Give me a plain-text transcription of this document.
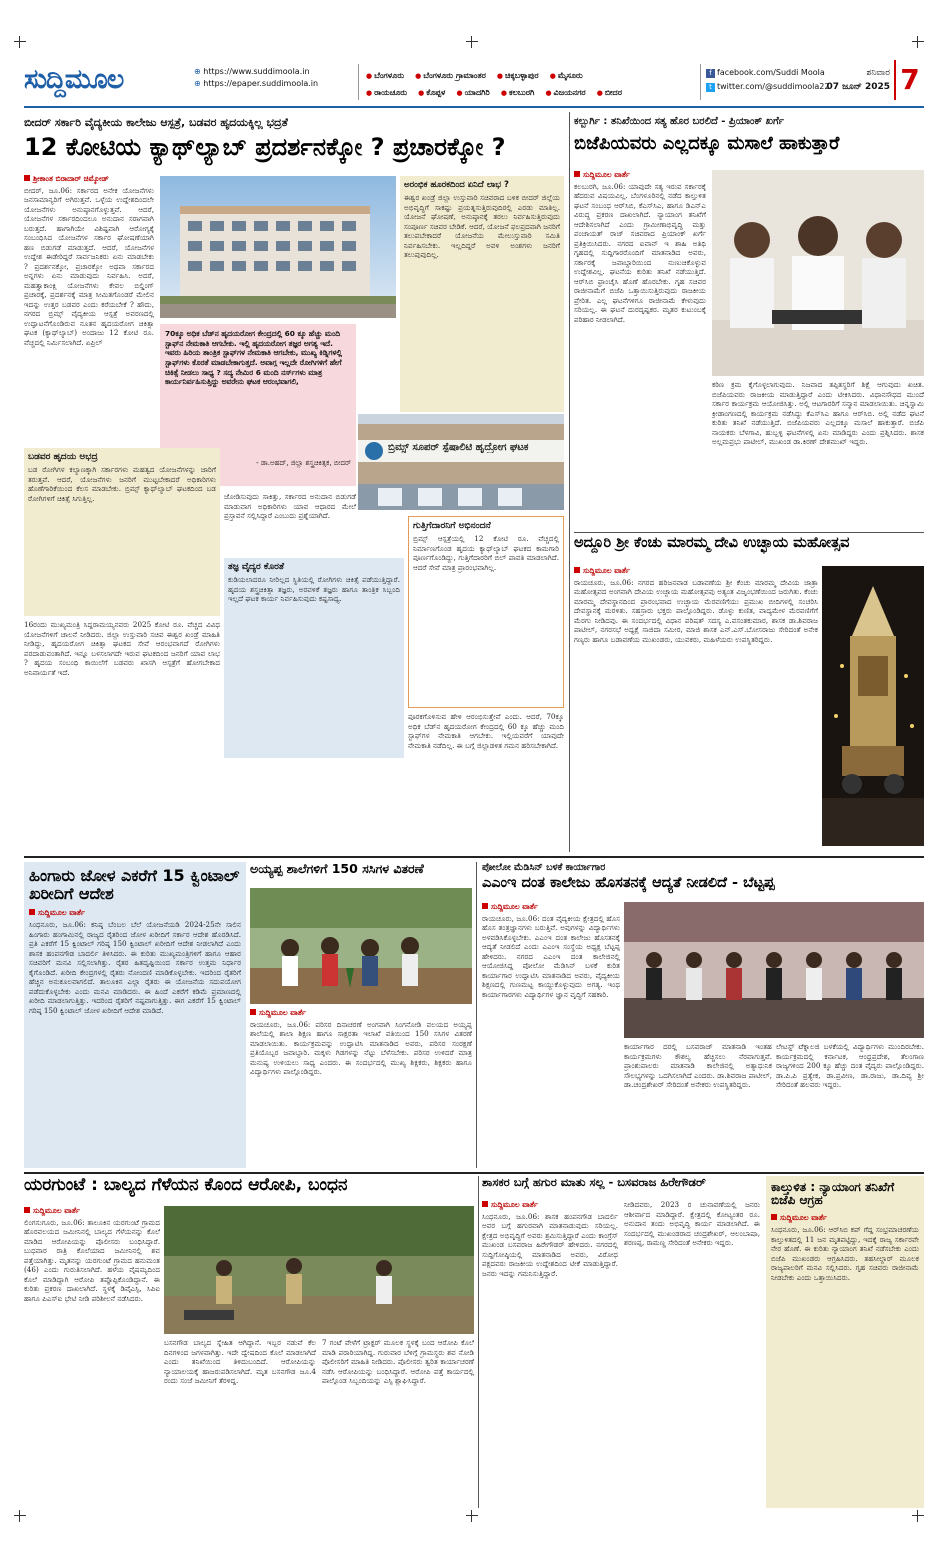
ಸುದ್ದಿಮೂಲ	⊕ https://www.suddimoola.in
⊕ https://epaper.suddimoola.in
● ಬೆಂಗಳೂರು ● ಬೆಂಗಳೂರು ಗ್ರಾಮಾಂತರ ● ಚಿಕ್ಕಬಳ್ಳಾಪುರ ● ಮೈಸೂರು
● ರಾಯಚೂರು ● ಕೊಪ್ಪಳ ● ಯಾದಗಿರಿ ● ಕಲಬುರಗಿ ● ವಿಜಯನಗರ ● ಬೀದರ
f facebook.com/Suddi Moola
t twitter.com/@suddimoola22
ಶನಿವಾರ
07 ಜೂನ್ 2025 7
ಬೀದರ್ ಸರ್ಕಾರಿ ವೈದ್ಯಕೀಯ ಕಾಲೇಜು ಆಸ್ಪತ್ರೆ, ಬಡವರ ಹೃದಯಕ್ಕಿಲ್ಲ ಭದ್ರತೆ
12 ಕೋಟಿಯ ಕ್ಯಾಥ್‌ಲ್ಯಾಬ್ ಪ್ರದರ್ಶನಕ್ಕೋ ? ಪ್ರಚಾರಕ್ಕೋ ?
ಶ್ರೀಕಾಂತ ಬಿರಾದಾರ್ ಚಿಮ್ಕೋಡ್
ಬೀದರ್, ಜೂ.06: ಸರ್ಕಾರದ ಅನೇಕ ಯೋಜನೆಗಳು ಜನಸಾಮಾನ್ಯರಿಗೆ ಅಗಿರುತ್ತವೆ. ಒಳ್ಳೆಯ ಉದ್ದೇಶದಿಂದಲೇ ಯೋಜನೆಗಳು ಅನುಷ್ಠಾನಗೊಳ್ಳುತ್ತವೆ. ಆದರೆ, ಯೋಜನೆಗಳ ಸರ್ಕಾರದಿಂದಲೂ ಅನುದಾನ ಸರಾಗವಾಗಿ ಬರುತ್ತದೆ. ಹಾಗಾಗಿಯೇ ವಿಶಿಷ್ಟವಾಗಿ ಆರೋಗ್ಯಕ್ಕೆ ಸಂಬಂಧಿಸಿದ ಯೋಜನೆಗಳ ಸರ್ಕಾರ ಘೋಷಣೆಯಾಗಿ ಹಣ ಬಿಡುಗಡೆ ಮಾಡುತ್ತದೆ. ಆದರೆ, ಯೋಜನೆಗಳ ಉದ್ದೇಶ ಈಡೇರಿದ್ದರೆ ಸಾರ್ವಜನಿಕರು ಏನು ಮಾಡಬೇಕು ? ಪ್ರದರ್ಶನಕ್ಕೋ, ಪ್ರಚಾರಕ್ಕೋ ಅಥವಾ ಸರ್ಕಾರದ ಅನ್ನಗಳು ಏನು ಮಾಡುವುದು ನಿರ್ವಹಿಸಿ. ಅದರೆ, ಮಹತ್ವಾಕಾಂಕ್ಷಿ ಯೋಜನೆಗಳು ಕೇವಲ ಬಿಲ್ಡಿಂಗ್ ಪ್ರಚಾರಕ್ಕೆ, ಪ್ರದರ್ಶನಕ್ಕೆ ಮಾತ್ರ ಸೀಮಿತಗೊಂಡರೆ ಮೇಲಿನ ಇದನ್ನು ಉತ್ತರ ಬಡವರ ಎಂದು ಕರೆಯಬೇಕೆ ? ಹೌದು, ನಗರದ ಬ್ರಿಮ್ಸ್ ವೈದ್ಯಕೀಯ ಆಸ್ಪತ್ರೆ ಅವರಣದಲ್ಲಿ ಉದ್ಘಾಟನೆಗೊಂಡಿರುವ ನೂತನ ಹೃದಯರೋಗ ಚಿಕಿತ್ಸಾ ಘಟಕ (ಕ್ಯಾಥ್‌ಲ್ಯಾಬ್) ಅಂದಾಜು 12 ಕೋಟಿ ರೂ. ವೆಚ್ಚದಲ್ಲಿ ನಿರ್ಮಿಸಲಾಗಿದೆ. ಏಪ್ರಿಲ್
ಅರಂಭಿಕ ಹೂರಕದಿಂದ ಏನಿದೆ ಲಾಭ ?
ಈಶ್ವರ ಖಂಡ್ರೆ ಜಿಲ್ಲಾ ಉಸ್ತುವಾರಿ ಸಚಿವರಾದ ಬಳಿಕ ಬೀದರ್ ಜಿಲ್ಲೆಯ ಅಭಿವೃದ್ಧಿಗೆ ಸಾಕಷ್ಟು ಪ್ರಯತ್ನಸುತ್ತಿರುವುದಿರಲ್ಲಿ ಎರಡು ಮಾತಿಲ್ಲ. ಯೋಜನೆ ಘೋಷಣೆ, ಅನುಷ್ಠಾನಕ್ಕೆ ತರಲು ನಿರ್ವಹಿಸುತ್ತಿರುವುದು ಸಂಪೂರ್ಣ ಸಚಿವರ ಬೇಡಿಕೆ. ಆದರೆ, ಯೋಜನೆ ಫಲಪ್ರದವಾಗಿ ಜನರಿಗೆ ತಲುಪಬೇಕಾದರೆ ಯೋಜನೆಯ ಮೇಲುಸ್ತುವಾರಿ ಸಮಿತಿ ನಿರ್ವಹಿಸಬೇಕು. ಇಲ್ಲದಿದ್ದರೆ ಅವಳಿ ಅಂಶಗಳು ಜನರಿಗೆ ತಲುಪುವುದಿಲ್ಲ.
70ಕ್ಕೂ ಅಧಿಕ ಬೆಡ್‌ನ ಹೃದಯರೋಗ ಕೇಂದ್ರದಲ್ಲಿ 60 ಕ್ಕೂ ಹೆಚ್ಚು ಮಂದಿ ಸ್ಟಾಫ್‌ನ ನೇಮಕಾತಿ ಆಗಬೇಕು. ಇಲ್ಲಿ ಹೃದಯರೋಗ ತಜ್ಞರ ಅಗತ್ಯ ಇದೆ. ಇವರು ಹಿರಿಯ ತಾಂತ್ರಿಕ ಸ್ಟಾಫ್‌ಗಳ ನೇಮಕಾತಿ ಆಗಬೇಕು, ಮುಖ್ಯ ಕಿಡ್ನಿಗಳಲ್ಲಿ ಸ್ಟಾಫ್‌ಗಳು ಕೊರತೆ ಮಾಡಬೇಕಾಗುತ್ತದೆ. ಅವಾಗ್ಗ ಇಲ್ಲದೇ ರೋಗಿಗಳಿಗೆ ಹೇಗೆ ಚಿಕಿತ್ಸೆ ನೀಡಲು ಸಾಧ್ಯ ? ಸದ್ಯ ನೇಮಿರ 6 ಮಂದಿ ನರ್ಸ್‌ಗಳು ಮಾತ್ರ ಕಾರ್ಯನಿರ್ವಹಿಸುತ್ತಿದ್ದು ಅವರೇನು ಘಟಕ ಆರಂಭವಾಗಲಿ,
- ಡಾ.ಅಹದ್, ಜಿಲ್ಲಾ ಶಸ್ತ್ರಚಿಕಿತ್ಸಕ, ಬೀದರ್
ಬ್ರಿಮ್ಸ್ ಸೂಪರ್ ಸ್ಪೆಷಾಲಿಟಿ ಹೃದ್ರೋಗ ಘಟಕ
ಬಡವರ ಹೃದಯ ಅಭದ್ರ
ಬಡ ರೋಗಿಗಳ ಕಲ್ಯಾಣಕ್ಕಾಗಿ ಸರ್ಕಾರಗಳು ಮಹತ್ವದ ಯೋಜನೆಗಳನ್ನು ಜಾರಿಗೆ ತರುತ್ತವೆ. ಆದರೆ, ಯೋಜನೆಗಳು ಜನರಿಗೆ ಮುಟ್ಟಬೇಕಾದರೆ ಅಧಿಕಾರಿಗಳು ಹೊಣೆಗಾರಿಕೆಯಿಂದ ಕೆಲಸ ಮಾಡಬೇಕು. ಬ್ರಿಮ್ಸ್ ಕ್ಯಾಥ್‌ಲ್ಯಾಬ್ ಘಟಕದಿಂದ ಬಡ ರೋಗಿಗಳಿಗೆ ಚಿಕಿತ್ಸೆ ಸಿಗುತ್ತಿಲ್ಲ.	ಜೋಡಿಸುವುದು ಸಾಕಿತ್ತು, ಸರ್ಕಾರದ ಅನುದಾನ ಬಿಡುಗಡೆ ಮಾಡುವಾಗ ಅಧಿಕಾರಿಗಳು ಯಾವ ಆಧಾರದ ಮೇಲೆ ಪ್ರಸ್ತಾವನೆ ಸಲ್ಲಿಸಿದ್ದಾರೆ ಎಂಬುದು ಪ್ರಶ್ನೆಯಾಗಿದೆ.
ತಜ್ಞ ವೈದ್ಯರ ಕೊರತೆ
ಕುಡಿಯಲಾದರೂ ನೀರಿಲ್ಲದ ಸ್ಥಿತಿಯಲ್ಲಿ ರೋಗಿಗಳು ಚಿಕಿತ್ಸೆ ಪಡೆಯುತ್ತಿದ್ದಾರೆ. ಹೃದಯ ಶಸ್ತ್ರಚಿಕಿತ್ಸಾ ತಜ್ಞರು, ಅರವಳಿಕೆ ತಜ್ಞರು ಹಾಗೂ ತಾಂತ್ರಿಕ ಸಿಬ್ಬಂದಿ ಇಲ್ಲದೆ ಘಟಕ ಕಾರ್ಯ ನಿರ್ವಹಿಸುವುದು ಕಷ್ಟಸಾಧ್ಯ.
ಗುತ್ತಿಗೆದಾರನಿಗೆ ಅಭಿನಂದನೆ
ಬ್ರಿಮ್ಸ್ ಆಸ್ಪತ್ರೆಯಲ್ಲಿ 12 ಕೋಟಿ ರೂ. ವೆಚ್ಚದಲ್ಲಿ ನಿರ್ಮಾಣಗೊಂಡ ಹೃದಯ ಕ್ಯಾಥ್‌ಲ್ಯಾಬ್ ಘಟಕದ ಕಾಮಗಾರಿ ಪೂರ್ಣಗೊಂಡಿದ್ದು, ಗುತ್ತಿಗೆದಾರರಿಗೆ ಬಿಲ್ ಪಾವತಿ ಮಾಡಲಾಗಿದೆ. ಆದರೆ ಸೇವೆ ಮಾತ್ರ ಪ್ರಾರಂಭವಾಗಿಲ್ಲ.
16ರಂದು ಮುಖ್ಯಮಂತ್ರಿ ಸಿದ್ದರಾಮಯ್ಯನವರು 2025 ಕೋಟಿ ರೂ. ವೆಚ್ಚದ ವಿವಿಧ ಯೋಜನೆಗಳಿಗೆ ಚಾಲನೆ ನೀಡಿದರು. ಜಿಲ್ಲಾ ಉಸ್ತುವಾರಿ ಸಚಿವ ಈಶ್ವರ ಖಂಡ್ರೆ ಮಾಹಿತಿ ನೀಡಿದ್ದು, ಹೃದಯರೋಗ ಚಿಕಿತ್ಸಾ ಘಟಕದ ಸೇವೆ ಆರಂಭವಾಗದೆ ರೋಗಿಗಳು ಪರದಾಡುವಂತಾಗಿದೆ. ಇನ್ನೂ ಬಳಸಲಾಗದೇ ಇರುವ ಘಟಕದಿಂದ ಜನರಿಗೆ ಯಾವ ಲಾಭ ? ಹೃದಯ ಸಂಬಂಧಿ ಕಾಯಿಲೆಗೆ ಬಡವರು ಖಾಸಗಿ ಆಸ್ಪತ್ರೆಗೆ ಹೋಗಬೇಕಾದ ಅನಿವಾರ್ಯತೆ ಇದೆ.
ಪೂರಕಗೊಳಿಸುವ ಹೇಳಿ ಆರಂಭಿಸುತ್ತೇವೆ ಎಂದು. ಆದರೆ, 70ಕ್ಕೂ ಅಧಿಕ ಬೆಡ್‌ನ ಹೃದಯರೋಗ ಕೇಂದ್ರದಲ್ಲಿ 60 ಕ್ಕೂ ಹೆಚ್ಚು ಮಂದಿ ಸ್ಟಾಫ್‌ಗಳ ನೇಮಕಾತಿ ಆಗಬೇಕು. ಇಲ್ಲಿಯವರೆಗೆ ಯಾವುದೇ ನೇಮಕಾತಿ ನಡೆದಿಲ್ಲ. ಈ ಬಗ್ಗೆ ಜಿಲ್ಲಾಡಳಿತ ಗಮನ ಹರಿಸಬೇಕಾಗಿದೆ.
ಕಲ್ಬುರ್ಗಿ : ತನಿಖೆಯಿಂದ ಸತ್ಯ ಹೊರ ಬರಲಿದೆ - ಪ್ರಿಯಾಂಕ್ ಖರ್ಗೆ
ಬಿಜೆಪಿಯವರು ಎಲ್ಲದಕ್ಕೂ ಮಸಾಲೆ ಹಾಕುತ್ತಾರೆ
ಸುದ್ದಿಮೂಲ ವಾರ್ತೆ
ಕಲಬುರಗಿ, ಜೂ.06: ಯಾವುದೇ ಸತ್ಯ ಇರುವ ಸರ್ಕಾರಕ್ಕೆ ಹೆದರುವ ವಿಷಯವಿಲ್ಲ. ಬೆಂಗಳೂರಿನಲ್ಲಿ ನಡೆದ ಕಾಲ್ತುಳಿತ ಘಟನೆ ಸಂಬಂಧ ಆರ್‌ಸಿಬಿ, ಕೆಎಸ್‌ಸಿಎ, ಹಾಗೂ ಡಿಎನ್‌ಎ ವಿರುದ್ಧ ಪ್ರಕರಣ ದಾಖಲಾಗಿದೆ. ನ್ಯಾಯಾಂಗ ತನಿಖೆಗೆ ಆದೇಶಿಸಲಾಗಿದೆ ಎಂದು ಗ್ರಾಮೀಣಾಭಿವೃದ್ಧಿ ಮತ್ತು ಪಂಚಾಯತ್ ರಾಜ್ ಸಚಿವರಾದ ಪ್ರಿಯಾಂಕ್ ಖರ್ಗೆ ಪ್ರತಿಕ್ರಿಯಿಸಿದರು. ನಗರದ ಐವಾನ್ ಇ ಶಾಹಿ ಅತಿಥಿ ಗೃಹದಲ್ಲಿ ಸುದ್ದಿಗಾರರೊಂದಿಗೆ ಮಾತನಾಡಿದ ಅವರು, ಸರ್ಕಾರಕ್ಕೆ ಜವಾಬ್ದಾರಿಯಿಂದ ನುಣುಚಿಕೊಳ್ಳುವ ಉದ್ದೇಶವಿಲ್ಲ. ಘಟನೆಯ ಕುರಿತು ತನಿಖೆ ನಡೆಯುತ್ತಿದೆ. ಆರ್‌ಸಿಬಿ ಫ್ರಾಂಚೈಸಿ ಹೊಣೆ ಹೊರಬೇಕು. ಗೃಹ ಸಚಿವರ ರಾಜೀನಾಮೆಗೆ ಬಿಜೆಪಿ ಒತ್ತಾಯಿಸುತ್ತಿರುವುದು ರಾಜಕೀಯ ಪ್ರೇರಿತ. ಎಲ್ಲ ಘಟನೆಗಳಿಗೂ ರಾಜೀನಾಮೆ ಕೇಳುವುದು ಸರಿಯಲ್ಲ. ಈ ಘಟನೆ ದುರದೃಷ್ಟಕರ. ಮೃತರ ಕುಟುಂಬಕ್ಕೆ ಪರಿಹಾರ ನೀಡಲಾಗಿದೆ.
ಕಠಿಣ ಕ್ರಮ ಕೈಗೊಳ್ಳಲಾಗುವುದು. ನಿಜವಾದ ತಪ್ಪಿತಸ್ಥರಿಗೆ ಶಿಕ್ಷೆ ಆಗುವುದು ಖಚಿತ. ಬಿಜೆಪಿಯವರು ರಾಜಕೀಯ ಮಾಡುತ್ತಿದ್ದಾರೆ ಎಂದು ಟೀಕಿಸಿದರು. ವಿಧಾನಸೌಧದ ಮುಂದೆ ಸರ್ಕಾರ ಕಾರ್ಯಕ್ರಮ ಆಯೋಜಿಸಿತ್ತು. ಅಲ್ಲಿ ಆಟಗಾರರಿಗೆ ಸನ್ಮಾನ ಮಾಡಲಾಯಿತು. ಚಿನ್ನಸ್ವಾಮಿ ಕ್ರೀಡಾಂಗಣದಲ್ಲಿ ಕಾರ್ಯಕ್ರಮ ನಡೆಸಿದ್ದು ಕೆಎಸ್‌ಸಿಎ ಹಾಗೂ ಆರ್‌ಸಿಬಿ. ಅಲ್ಲಿ ನಡೆದ ಘಟನೆ ಕುರಿತು ತನಿಖೆ ನಡೆಯುತ್ತಿದೆ. ಬಿಜೆಪಿಯವರು ಎಲ್ಲದಕ್ಕೂ ಮಸಾಲೆ ಹಾಕುತ್ತಾರೆ. ಬಿಜೆಪಿ ನಾಯಕರು ಬೆಳಗಾವಿ, ಹುಬ್ಬಳ್ಳಿ ಘಟನೆಗಳಲ್ಲಿ ಏನು ಮಾಡಿದ್ದರು ಎಂದು ಪ್ರಶ್ನಿಸಿದರು. ಶಾಸಕ ಅಲ್ಲಮಪ್ರಭು ಪಾಟೀಲ್, ಮುಖಂಡ ಡಾ.ಕಿರಣ್ ದೇಶಮುಖ್ ಇದ್ದರು.
ಅದ್ದೂರಿ ಶ್ರೀ ಕೆಂಚು ಮಾರಮ್ಮ ದೇವಿ ಉಚ್ಛಾಯ ಮಹೋತ್ಸವ
ಸುದ್ದಿಮೂಲ ವಾರ್ತೆ
ರಾಯಚೂರು, ಜೂ.06: ನಗರದ ಹರಿಜನವಾಡ ಬಡಾವಣೆಯ ಶ್ರೀ ಕೆಂಚು ಮಾರಮ್ಮ ದೇವಿಯ ಜಾತ್ರಾ ಮಹೋತ್ಸವದ ಅಂಗವಾಗಿ ದೇವಿಯ ಉಚ್ಛಾಯ ಮಹೋತ್ಸವವು ಅತ್ಯಂತ ವಿಜೃಂಭಣೆಯಿಂದ ಜರುಗಿತು. ಕೆಂಚು ಮಾರಮ್ಮ ದೇವಸ್ಥಾನದಿಂದ ಪ್ರಾರಂಭವಾದ ಉಚ್ಛಾಯ ಮೆರವಣಿಗೆಯು ಪ್ರಮುಖ ಬೀದಿಗಳಲ್ಲಿ ಸಂಚರಿಸಿ ದೇವಸ್ಥಾನಕ್ಕೆ ಮರಳಿತು. ಸಹಸ್ರಾರು ಭಕ್ತರು ಪಾಲ್ಗೊಂಡಿದ್ದರು. ಡೊಳ್ಳು ಕುಣಿತ, ವಾದ್ಯಮೇಳ ಮೆರವಣಿಗೆಗೆ ಮೆರಗು ನೀಡಿದವು. ಈ ಸಂದರ್ಭದಲ್ಲಿ ವಿಧಾನ ಪರಿಷತ್ ಸದಸ್ಯ ಎ.ವಸಂತಕುಮಾರ, ಶಾಸಕ ಡಾ.ಶಿವರಾಜ ಪಾಟೀಲ್, ನಗರಸಭೆ ಅಧ್ಯಕ್ಷೆ ಸಾಜಿದಾ ಸಮೀರ, ಮಾಜಿ ಶಾಸಕ ಎನ್.ಎಸ್.ಬೋಸರಾಜು ಸೇರಿದಂತೆ ಅನೇಕ ಗಣ್ಯರು ಹಾಗೂ ಬಡಾವಣೆಯ ಮುಖಂಡರು, ಯುವಕರು, ಮಹಿಳೆಯರು ಉಪಸ್ಥಿತರಿದ್ದರು.
ಹಿಂಗಾರು ಜೋಳ ಎಕರೆಗೆ 15 ಕ್ವಿಂಟಾಲ್ ಖರೀದಿಗೆ ಆದೇಶ
ಸುದ್ದಿಮೂಲ ವಾರ್ತೆ
ಸಿಂಧನೂರು, ಜೂ.06: ಕನಿಷ್ಠ ಬೆಂಬಲ ಬೆಲೆ ಯೋಜನೆಯಡಿ 2024-25ನೇ ಸಾಲಿನ ಹಿಂಗಾರು ಹಂಗಾಮಿನಲ್ಲಿ ರಾಜ್ಯದ ರೈತರಿಂದ ಜೋಳ ಖರೀದಿಗೆ ಸರ್ಕಾರ ಆದೇಶ ಹೊರಡಿಸಿದೆ. ಪ್ರತಿ ಎಕರೆಗೆ 15 ಕ್ವಿಂಟಾಲ್ ಗರಿಷ್ಠ 150 ಕ್ವಿಂಟಾಲ್ ಖರೀದಿಗೆ ಆದೇಶ ನೀಡಲಾಗಿದೆ ಎಂದು ಶಾಸಕ ಹಂಪನಗೌಡ ಬಾದರ್ಲಿ ತಿಳಿಸಿದರು. ಈ ಕುರಿತು ಮುಖ್ಯಮಂತ್ರಿಗಳಿಗೆ ಹಾಗೂ ಆಹಾರ ಸಚಿವರಿಗೆ ಮನವಿ ಸಲ್ಲಿಸಲಾಗಿತ್ತು. ರೈತರ ಹಿತದೃಷ್ಟಿಯಿಂದ ಸರ್ಕಾರ ಉತ್ತಮ ನಿರ್ಧಾರ ಕೈಗೊಂಡಿದೆ. ಖರೀದಿ ಕೇಂದ್ರಗಳಲ್ಲಿ ರೈತರು ನೋಂದಣಿ ಮಾಡಿಕೊಳ್ಳಬೇಕು. ಇದರಿಂದ ರೈತರಿಗೆ ಹೆಚ್ಚಿನ ಅನುಕೂಲವಾಗಲಿದೆ. ತಾಲೂಕಿನ ಎಲ್ಲಾ ರೈತರು ಈ ಯೋಜನೆಯ ಸದುಪಯೋಗ ಪಡೆದುಕೊಳ್ಳಬೇಕು ಎಂದು ಮನವಿ ಮಾಡಿದರು. ಈ ಹಿಂದೆ ಎಕರೆಗೆ ಕಡಿಮೆ ಪ್ರಮಾಣದಲ್ಲಿ ಖರೀದಿ ಮಾಡಲಾಗುತ್ತಿತ್ತು. ಇದರಿಂದ ರೈತರಿಗೆ ನಷ್ಟವಾಗುತ್ತಿತ್ತು. ಈಗ ಎಕರೆಗೆ 15 ಕ್ವಿಂಟಾಲ್ ಗರಿಷ್ಠ 150 ಕ್ವಿಂಟಾಲ್ ಜೋಳ ಖರೀದಿಗೆ ಆದೇಶ ಮಾಡಿದೆ.
ಅಯ್ಯಪ್ಪ ಶಾಲೆಗಳಿಗೆ 150 ಸಸಿಗಳ ವಿತರಣೆ
ಸುದ್ದಿಮೂಲ ವಾರ್ತೆ
ರಾಯಚೂರು, ಜೂ.06: ಪರಿಸರ ದಿನಾಚರಣೆ ಅಂಗವಾಗಿ ಸಿಂಗನೋಡಿ ವಲಯದ ಅಯ್ಯಪ್ಪ ಶಾಲೆಯಲ್ಲಿ ಶಾಲಾ ಶಿಕ್ಷಣ ಹಾಗೂ ಸಾಕ್ಷರತಾ ಇಲಾಖೆ ವತಿಯಿಂದ 150 ಸಸಿಗಳ ವಿತರಣೆ ಮಾಡಲಾಯಿತು. ಕಾರ್ಯಕ್ರಮವನ್ನು ಉದ್ಘಾಟಿಸಿ ಮಾತನಾಡಿದ ಅವರು, ಪರಿಸರ ಸಂರಕ್ಷಣೆ ಪ್ರತಿಯೊಬ್ಬರ ಜವಾಬ್ದಾರಿ. ಮಕ್ಕಳು ಗಿಡಗಳನ್ನು ನೆಟ್ಟು ಬೆಳೆಸಬೇಕು. ಪರಿಸರ ಉಳಿದರೆ ಮಾತ್ರ ಮನುಷ್ಯ ಉಳಿಯಲು ಸಾಧ್ಯ ಎಂದರು. ಈ ಸಂದರ್ಭದಲ್ಲಿ ಮುಖ್ಯ ಶಿಕ್ಷಕರು, ಶಿಕ್ಷಕರು ಹಾಗೂ ವಿದ್ಯಾರ್ಥಿಗಳು ಪಾಲ್ಗೊಂಡಿದ್ದರು.
ಪೋಲೋ ಮೆಡಿಸಿನ್ ಬಳಕೆ ಕಾರ್ಯಾಗಾರ
ಎಎಂಇ ದಂತ ಕಾಲೇಜು ಹೊಸತನಕ್ಕೆ ಆದ್ಯತೆ ನೀಡಲಿದೆ - ಬೆಟ್ಟಪ್ಪ
ಸುದ್ದಿಮೂಲ ವಾರ್ತೆ
ರಾಯಚೂರು, ಜೂ.06: ದಂತ ವೈದ್ಯಕೀಯ ಕ್ಷೇತ್ರದಲ್ಲಿ ಹೊಸ ಹೊಸ ತಂತ್ರಜ್ಞಾನಗಳು ಬರುತ್ತಿವೆ. ಅವುಗಳನ್ನು ವಿದ್ಯಾರ್ಥಿಗಳು ಅಳವಡಿಸಿಕೊಳ್ಳಬೇಕು. ಎಎಂಇ ದಂತ ಕಾಲೇಜು ಹೊಸತನಕ್ಕೆ ಆದ್ಯತೆ ನೀಡಲಿದೆ ಎಂದು ಎಎಂಇ ಸಂಸ್ಥೆಯ ಅಧ್ಯಕ್ಷ ಬೆಟ್ಟಪ್ಪ ಹೇಳಿದರು. ನಗರದ ಎಎಂಇ ದಂತ ಕಾಲೇಜಿನಲ್ಲಿ ಆಯೋಜಿಸಿದ್ದ ಪೋಲೋ ಮೆಡಿಸಿನ್ ಬಳಕೆ ಕುರಿತ ಕಾರ್ಯಾಗಾರ ಉದ್ಘಾಟಿಸಿ ಮಾತನಾಡಿದ ಅವರು, ವೈದ್ಯಕೀಯ ಶಿಕ್ಷಣದಲ್ಲಿ ಗುಣಮಟ್ಟ ಕಾಯ್ದುಕೊಳ್ಳುವುದು ಅಗತ್ಯ. ಇಂಥ ಕಾರ್ಯಾಗಾರಗಳು ವಿದ್ಯಾರ್ಥಿಗಳ ಜ್ಞಾನ ವೃದ್ಧಿಗೆ ಸಹಕಾರಿ.
ಕಾರ್ಯಾಗಾರ ದರಲ್ಲಿ ಬಸವರಾಜ್ ಮಾತನಾಡಿ ಇಂತಹ ಕಾರ್ಯಕ್ರಮಗಳು ಕೌಶಲ್ಯ ಹೆಚ್ಚಿಸಲು ನೆರವಾಗುತ್ತವೆ. ಪ್ರಾಂಶುಪಾಲರು ಮಾತನಾಡಿ ಕಾಲೇಜಿನಲ್ಲಿ ಅತ್ಯಾಧುನಿಕ ಸೌಲಭ್ಯಗಳನ್ನು ಒದಗಿಸಲಾಗಿದೆ ಎಂದರು. ಡಾ.ಶಿವರಾಜ ಪಾಟೀಲ್, ಡಾ.ಚಂದ್ರಶೇಖರ್ ಸೇರಿದಂತೆ ಅನೇಕರು ಉಪಸ್ಥಿತರಿದ್ದರು.
ಲೇಟಸ್ಟ್ ಟೆಕ್ನಾಲಜಿ ಬಳಕೆಯಲ್ಲಿ ವಿದ್ಯಾರ್ಥಿಗಳು ಮುಂದಿರಬೇಕು. ಕಾರ್ಯಕ್ರಮದಲ್ಲಿ ಕರ್ನಾಟಕ, ಆಂಧ್ರಪ್ರದೇಶ, ತೆಲಂಗಾಣ ರಾಜ್ಯಗಳಿಂದ 200 ಕ್ಕೂ ಹೆಚ್ಚು ದಂತ ವೈದ್ಯರು ಪಾಲ್ಗೊಂಡಿದ್ದರು. ಡಾ.ಪಿ.ಪಿ ಪ್ರತ್ಯೇಕ, ಡಾ.ಪ್ರವೀಣ, ಡಾ.ರಾಜು, ಡಾ.ದಿವ್ಯ ಶ್ರೀ ಸೇರಿದಂತೆ ಹಲವರು ಇದ್ದರು.
ಯರಗುಂಟೆ : ಬಾಲ್ಯದ ಗೆಳೆಯನ ಕೊಂದ ಆರೋಪಿ, ಬಂಧನ
ಸುದ್ದಿಮೂಲ ವಾರ್ತೆ
ಲಿಂಗಸುಗೂರು, ಜೂ.06: ತಾಲೂಕಿನ ಯರಗುಂಟೆ ಗ್ರಾಮದ ಹೊರವಲಯದ ಜಮೀನಿನಲ್ಲಿ ಬಾಲ್ಯದ ಗೆಳೆಯನನ್ನು ಕೊಲೆ ಮಾಡಿದ ಆರೋಪಿಯನ್ನು ಪೊಲೀಸರು ಬಂಧಿಸಿದ್ದಾರೆ. ಬುಧವಾರ ರಾತ್ರಿ ಕೊಲೆಯಾದ ಜಮೀನಿನಲ್ಲಿ ಶವ ಪತ್ತೆಯಾಗಿತ್ತು. ಮೃತನನ್ನು ಯರಗುಂಟೆ ಗ್ರಾಮದ ಹನುಮಂತ (46) ಎಂದು ಗುರುತಿಸಲಾಗಿದೆ. ಹಳೆಯ ವೈಷಮ್ಯದಿಂದ ಕೊಲೆ ಮಾಡಿದ್ದಾಗಿ ಆರೋಪಿ ತಪ್ಪೊಪ್ಪಿಕೊಂಡಿದ್ದಾನೆ. ಈ ಕುರಿತು ಪ್ರಕರಣ ದಾಖಲಾಗಿದೆ. ಸ್ಥಳಕ್ಕೆ ಡಿವೈಎಸ್ಪಿ, ಸಿಪಿಐ ಹಾಗೂ ಪಿಎಸ್ಐ ಭೇಟಿ ನೀಡಿ ಪರಿಶೀಲನೆ ನಡೆಸಿದರು.
ಬಸನಗೌಡ ಬಾಲ್ಯದ ಸ್ನೇಹಿತ ಆಗಿದ್ದಾನೆ. ಇಬ್ಬರ ನಡುವೆ ಕೆಲ ದಿನಗಳಿಂದ ಜಗಳವಾಗಿತ್ತು. ಇದೇ ದ್ವೇಷದಿಂದ ಕೊಲೆ ಮಾಡಲಾಗಿದೆ ಎಂದು ತನಿಖೆಯಿಂದ ತಿಳಿದುಬಂದಿದೆ. ಆರೋಪಿಯನ್ನು ನ್ಯಾಯಾಲಯಕ್ಕೆ ಹಾಜರುಪಡಿಸಲಾಗಿದೆ. ಮೃತ ಬಸನಗೌಡ ಜೂ.4 ರಂದು ಸಂಜೆ ಜಮೀನಿಗೆ ತೆರಳಿದ್ದ.
7 ಗಂಟೆ ವೇಳೆಗೆ ಟ್ರಾಕ್ಟರ್ ಮೂಲಕ ಸ್ಥಳಕ್ಕೆ ಬಂದ ಆರೋಪಿ ಕೊಲೆ ಮಾಡಿ ಪರಾರಿಯಾಗಿದ್ದ. ಗುರುವಾರ ಬೆಳಿಗ್ಗೆ ಗ್ರಾಮಸ್ಥರು ಶವ ನೋಡಿ ಪೊಲೀಸರಿಗೆ ಮಾಹಿತಿ ನೀಡಿದರು. ಪೊಲೀಸರು ತ್ವರಿತ ಕಾರ್ಯಾಚರಣೆ ನಡೆಸಿ ಆರೋಪಿಯನ್ನು ಬಂಧಿಸಿದ್ದಾರೆ. ಆರೋಪಿ ಪತ್ತೆ ಕಾರ್ಯದಲ್ಲಿ ಪಾಲ್ಗೊಂಡ ಸಿಬ್ಬಂದಿಯನ್ನು ಎಸ್ಪಿ ಶ್ಲಾಘಿಸಿದ್ದಾರೆ.
ಶಾಸಕರ ಬಗ್ಗೆ ಹಗುರ ಮಾತು ಸಲ್ಲ - ಬಸವರಾಜ ಹಿರೇಗೌಡರ್
ಸುದ್ದಿಮೂಲ ವಾರ್ತೆ
ಸಿಂಧನೂರು, ಜೂ.06: ಶಾಸಕ ಹಂಪನಗೌಡ ಬಾದರ್ಲಿ ಅವರ ಬಗ್ಗೆ ಹಗುರವಾಗಿ ಮಾತನಾಡುವುದು ಸರಿಯಲ್ಲ. ಕ್ಷೇತ್ರದ ಅಭಿವೃದ್ಧಿಗೆ ಅವರು ಶ್ರಮಿಸುತ್ತಿದ್ದಾರೆ ಎಂದು ಕಾಂಗ್ರೆಸ್ ಮುಖಂಡ ಬಸವರಾಜ ಹಿರೇಗೌಡರ್ ಹೇಳಿದರು. ನಗರದಲ್ಲಿ ಸುದ್ದಿಗೋಷ್ಠಿಯಲ್ಲಿ ಮಾತನಾಡಿದ ಅವರು, ವಿರೋಧ ಪಕ್ಷದವರು ರಾಜಕೀಯ ಉದ್ದೇಶದಿಂದ ಟೀಕೆ ಮಾಡುತ್ತಿದ್ದಾರೆ. ಜನರು ಇದನ್ನು ಗಮನಿಸುತ್ತಿದ್ದಾರೆ.
ನೀಡಿದವರು, 2023 ರ ಚುನಾವಣೆಯಲ್ಲಿ ಜನರು ಆಶೀರ್ವಾದ ಮಾಡಿದ್ದಾರೆ. ಕ್ಷೇತ್ರದಲ್ಲಿ ಕೋಟ್ಯಂತರ ರೂ. ಅನುದಾನ ತಂದು ಅಭಿವೃದ್ಧಿ ಕಾರ್ಯ ಮಾಡಲಾಗಿದೆ. ಈ ಸಂದರ್ಭದಲ್ಲಿ ಮುಖಂಡರಾದ ಚಂದ್ರಶೇಖರ್, ಆಲಂಬಾಷಾ, ಶರಣಪ್ಪ, ರಾಮಣ್ಣ ಸೇರಿದಂತೆ ಅನೇಕರು ಇದ್ದರು.
ಕಾಲ್ತುಳಿತ : ನ್ಯಾಯಾಂಗ ತನಿಖೆಗೆ ಬಿಜೆಪಿ ಆಗ್ರಹ
ಸುದ್ದಿಮೂಲ ವಾರ್ತೆ
ಸಿಂಧನೂರು, ಜೂ.06: ಆರ್‌ಸಿಬಿ ಕಪ್ ಗೆದ್ದ ಸಂಭ್ರಮಾಚರಣೆಯ ಕಾಲ್ತುಳಿತದಲ್ಲಿ 11 ಜನ ಮೃತಪಟ್ಟಿದ್ದು, ಇದಕ್ಕೆ ರಾಜ್ಯ ಸರ್ಕಾರವೇ ನೇರ ಹೊಣೆ. ಈ ಕುರಿತು ನ್ಯಾಯಾಂಗ ತನಿಖೆ ನಡೆಸಬೇಕು ಎಂದು ಬಿಜೆಪಿ ಮುಖಂಡರು ಆಗ್ರಹಿಸಿದರು. ತಹಸೀಲ್ದಾರ್ ಮೂಲಕ ರಾಜ್ಯಪಾಲರಿಗೆ ಮನವಿ ಸಲ್ಲಿಸಿದರು. ಗೃಹ ಸಚಿವರು ರಾಜೀನಾಮೆ ನೀಡಬೇಕು ಎಂದು ಒತ್ತಾಯಿಸಿದರು.
